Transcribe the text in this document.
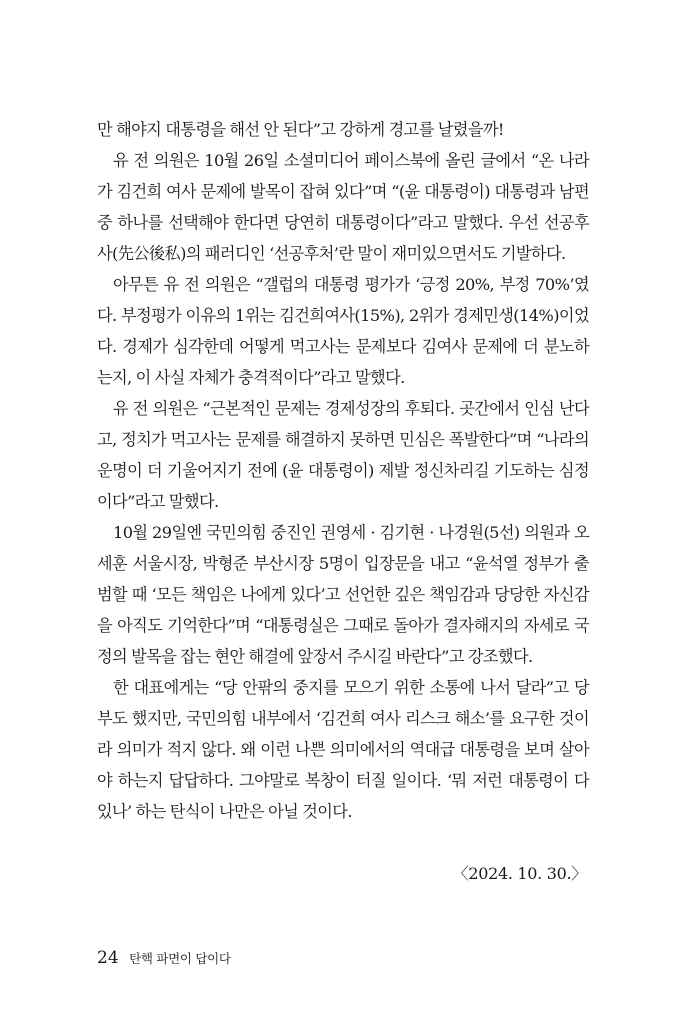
만 해야지 대통령을 해선 안 된다”고 강하게 경고를 날렸을까!

유 전 의원은 10월 26일 소셜미디어 페이스북에 올린 글에서 “온 나라가 김건희 여사 문제에 발목이 잡혀 있다”며 “(윤 대통령이) 대통령과 남편 중 하나를 선택해야 한다면 당연히 대통령이다”라고 말했다. 우선 선공후사(先公後私)의 패러디인 ‘선공후처’란 말이 재미있으면서도 기발하다.

아무튼 유 전 의원은 “갤럽의 대통령 평가가 ‘긍정 20%, 부정 70%’였다. 부정평가 이유의 1위는 김건희여사(15%), 2위가 경제민생(14%)이었다. 경제가 심각한데 어떻게 먹고사는 문제보다 김여사 문제에 더 분노하는지, 이 사실 자체가 충격적이다”라고 말했다.

유 전 의원은 “근본적인 문제는 경제성장의 후퇴다. 곳간에서 인심 난다고, 정치가 먹고사는 문제를 해결하지 못하면 민심은 폭발한다”며 “나라의 운명이 더 기울어지기 전에 (윤 대통령이) 제발 정신차리길 기도하는 심정이다”라고 말했다.

10월 29일엔 국민의힘 중진인 권영세 · 김기현 · 나경원(5선) 의원과 오세훈 서울시장, 박형준 부산시장 5명이 입장문을 내고 “윤석열 정부가 출범할 때 ‘모든 책임은 나에게 있다’고 선언한 깊은 책임감과 당당한 자신감을 아직도 기억한다”며 “대통령실은 그때로 돌아가 결자해지의 자세로 국정의 발목을 잡는 현안 해결에 앞장서 주시길 바란다”고 강조했다.

한 대표에게는 “당 안팎의 중지를 모으기 위한 소통에 나서 달라”고 당부도 했지만, 국민의힘 내부에서 ‘김건희 여사 리스크 해소’를 요구한 것이라 의미가 적지 않다. 왜 이런 나쁜 의미에서의 역대급 대통령을 보며 살아야 하는지 답답하다. 그야말로 복창이 터질 일이다. ‘뭐 저런 대통령이 다 있나’ 하는 탄식이 나만은 아닐 것이다.

〈2024. 10. 30.〉
24 탄핵 파면이 답이다
